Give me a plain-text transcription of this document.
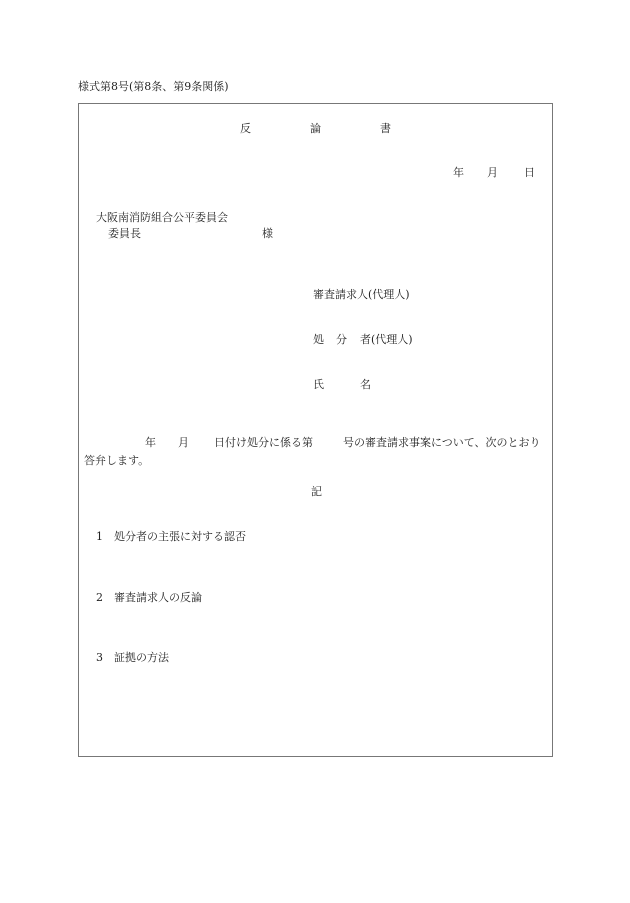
様式第8号(第8条、第9条関係)
反	論	書
年 月 日
大阪南消防組合公平委員会
委員長	様
審査請求人(代理人)
処 分 者(代理人)
氏	名
年 月 日付け処分に係る第	号の審査請求事案について、次のとおり
答弁します。
記
1 処分者の主張に対する認否
2 審査請求人の反論
3 証拠の方法
